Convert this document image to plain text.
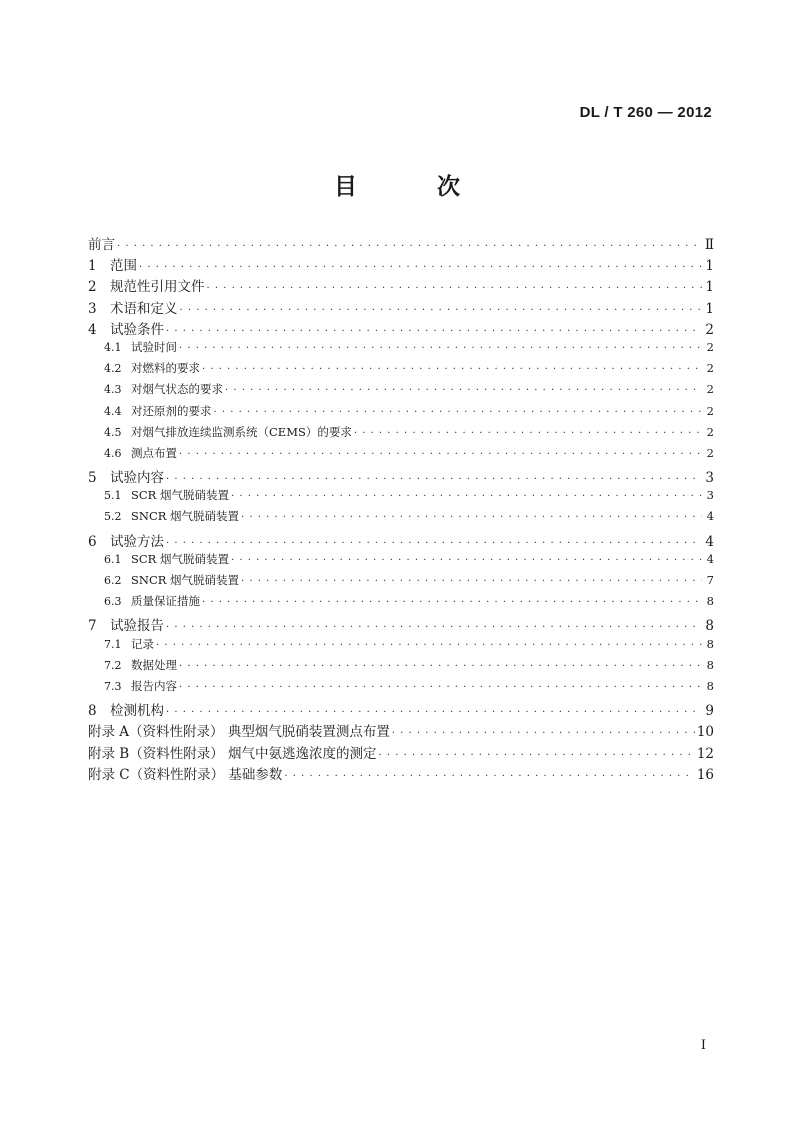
DL / T 260 — 2012
目 次
前言 · · ·	Ⅱ
1 范围 · · ·	1
2 规范性引用文件 · · ·	1
3 术语和定义 · · ·	1
4 试验条件 · · ·	2
4.1 试验时间 · · ·	2
4.2 对燃料的要求 · · ·	2
4.3 对烟气状态的要求 · · ·	2
4.4 对还原剂的要求 · · ·	2
4.5 对烟气排放连续监测系统（CEMS）的要求 · · ·	2
4.6 测点布置 · · ·	2
5 试验内容 · · ·	3
5.1 SCR 烟气脱硝装置 · · ·	3
5.2 SNCR 烟气脱硝装置 · · ·	4
6 试验方法 · · ·	4
6.1 SCR 烟气脱硝装置 · · ·	4
6.2 SNCR 烟气脱硝装置 · · ·	7
6.3 质量保证措施 · · ·	8
7 试验报告 · · ·	8
7.1 记录 · · ·	8
7.2 数据处理 · · ·	8
7.3 报告内容 · · ·	8
8 检测机构 · · ·	9
附录 A（资料性附录） 典型烟气脱硝装置测点布置 · · ·	10
附录 B（资料性附录） 烟气中氨逃逸浓度的测定 · · ·	12
附录 C（资料性附录） 基础参数 · · ·	16
I
